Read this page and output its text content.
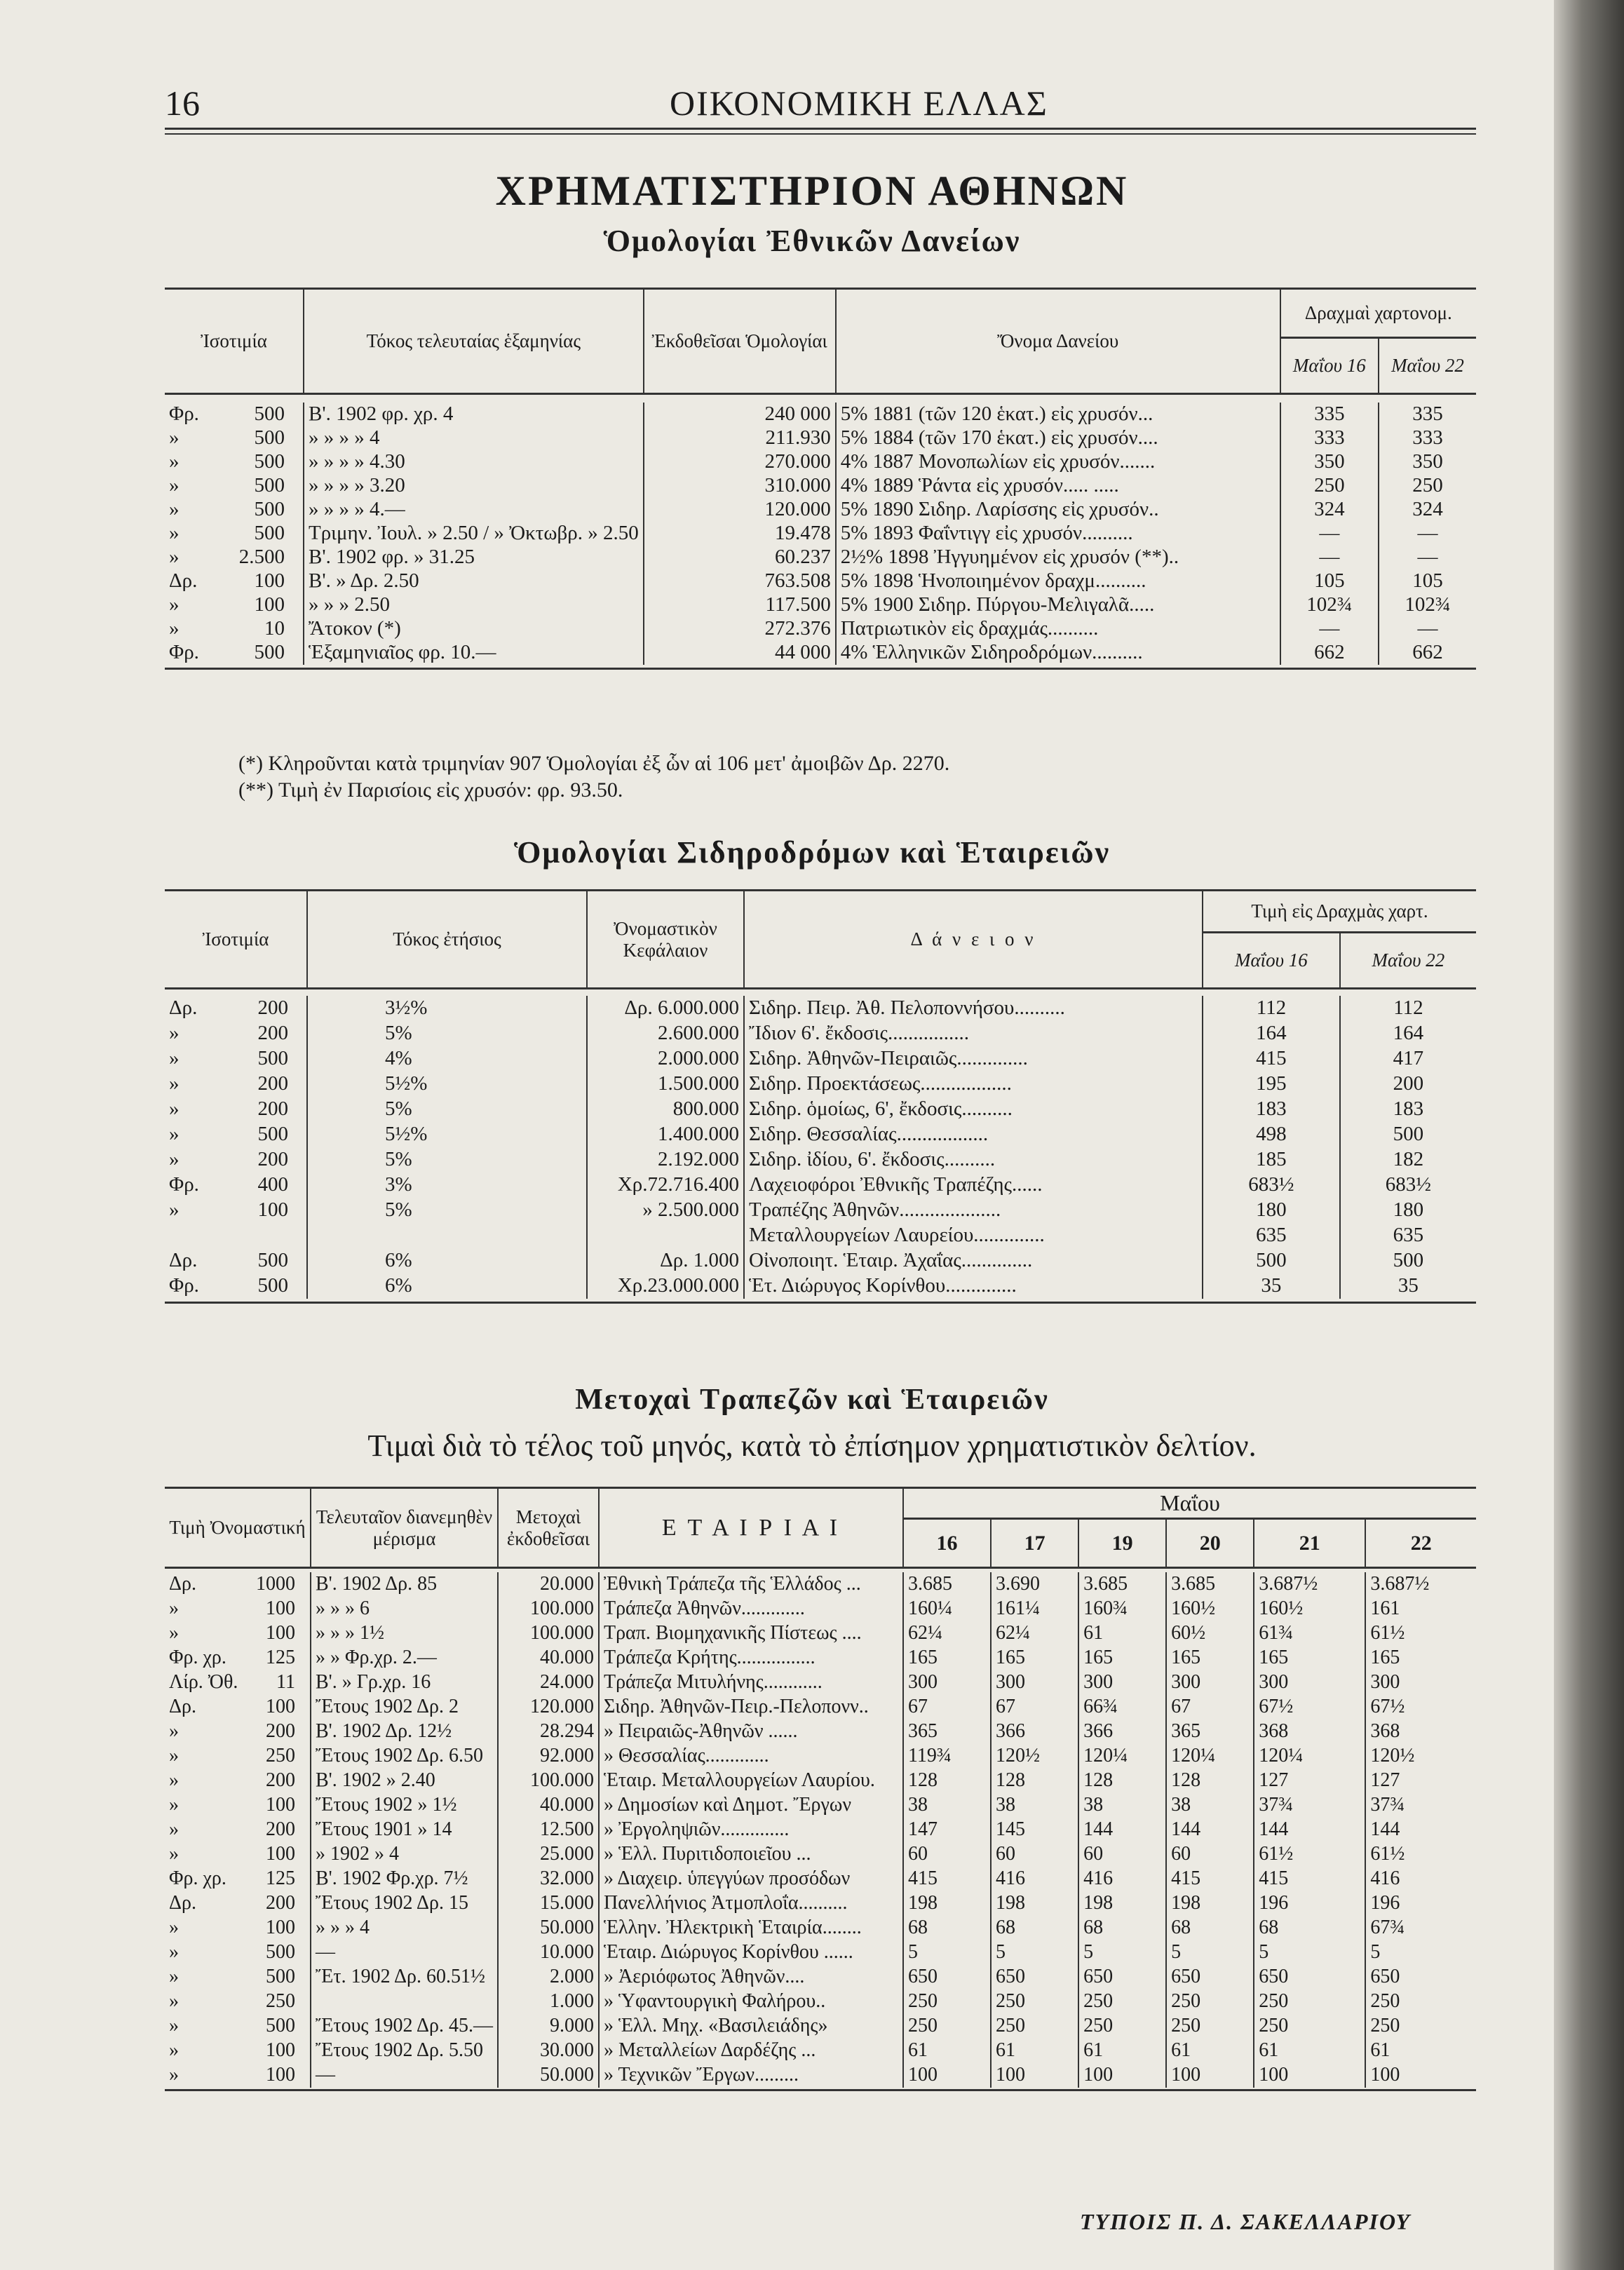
16	ΟΙΚΟΝΟΜΙΚΗ ΕΛΛΑΣ
ΧΡΗΜΑΤΙΣΤΗΡΙΟΝ ΑΘΗΝΩΝ
Ὁμολογίαι Ἐθνικῶν Δανείων
Ἰσοτιμία	Τόκος τελευταίας ἑξαμηνίας	Ἐκδοθεῖσαι Ὁμολογίαι	Ὄνομα Δανείου	Δραχμαὶ χαρτονομ.	
				Μαΐου 16	Μαΐου 22

Φρ. 500	Β'. 1902 φρ. χρ. 4	240 000	5% 1881 (τῶν 120 ἑκατ.) εἰς χρυσόν...	335	335
» 500	» » » » 4	211.930	5% 1884 (τῶν 170 ἑκατ.) εἰς χρυσόν....	333	333
» 500	» » » » 4.30	270.000	4% 1887 Μονοπωλίων εἰς χρυσόν.......	350	350
» 500	» » » » 3.20	310.000	4% 1889 Ῥάντα εἰς χρυσόν..... .....	250	250
» 500	» » » » 4.—	120.000	5% 1890 Σιδηρ. Λαρίσσης εἰς χρυσόν..	324	324
» 500	Τριμην. Ἰουλ. » 2.50 / » Ὀκτωβρ. » 2.50	19.478	5% 1893 Φαΐντιγγ εἰς χρυσόν..........	—	—
» 2.500	Β'. 1902 φρ. » 31.25	60.237	2½% 1898 Ἠγγυημένον εἰς χρυσόν (**)..	—	—
Δρ. 100	Β'. » Δρ. 2.50	763.508	5% 1898 Ἡνοποιημένον δραχμ..........	105	105
» 100	» » » 2.50	117.500	5% 1900 Σιδηρ. Πύργου-Μελιγαλᾶ.....	102¾	102¾
» 10	Ἄτοκον (*)	272.376	Πατριωτικὸν εἰς δραχμάς..........	—	—
Φρ. 500	Ἑξαμηνιαῖος φρ. 10.—	44 000	4% Ἑλληνικῶν Σιδηροδρόμων..........	662	662

(*) Κληροῦνται κατὰ τριμηνίαν 907 Ὁμολογίαι ἐξ ὧν αἱ 106 μετ' ἀμοιβῶν Δρ. 2270.
(**) Τιμὴ ἐν Παρισίοις εἰς χρυσόν: φρ. 93.50.
Ὁμολογίαι Σιδηροδρόμων καὶ Ἑταιρειῶν
Ἰσοτιμία	Τόκος ἐτήσιος	Ὀνομαστικὸν Κεφάλαιον	Δ ά ν ε ι ο ν	Τιμὴ εἰς Δραχμὰς χαρτ.	
				Μαΐου 16	Μαΐου 22

Δρ. 200	3½%	Δρ. 6.000.000	Σιδηρ. Πειρ. Ἀθ. Πελοποννήσου..........	112	112
» 200	5%	2.600.000	Ἴδιον 6'. ἔκδοσις................	164	164
» 500	4%	2.000.000	Σιδηρ. Ἀθηνῶν-Πειραιῶς..............	415	417
» 200	5½%	1.500.000	Σιδηρ. Προεκτάσεως..................	195	200
» 200	5%	800.000	Σιδηρ. ὁμοίως, 6', ἔκδοσις..........	183	183
» 500	5½%	1.400.000	Σιδηρ. Θεσσαλίας..................	498	500
» 200	5%	2.192.000	Σιδηρ. ἰδίου, 6'. ἔκδοσις..........	185	182
Φρ. 400	3%	Χρ.72.716.400	Λαχειοφόροι Ἐθνικῆς Τραπέζης......	683½	683½
» 100	5%	» 2.500.000	Τραπέζης Ἀθηνῶν....................	180	180
			Μεταλλουργείων Λαυρείου..............	635	635
Δρ. 500	6%	Δρ. 1.000	Οἰνοποιητ. Ἑταιρ. Ἀχαΐας..............	500	500
Φρ. 500	6%	Χρ.23.000.000	Ἑτ. Διώρυγος Κορίνθου..............	35	35

Μετοχαὶ Τραπεζῶν καὶ Ἑταιρειῶν
Τιμαὶ διὰ τὸ τέλος τοῦ μηνός, κατὰ τὸ ἐπίσημον χρηματιστικὸν δελτίον.
Τιμὴ Ὀνομαστική	Τελευταῖον διανεμηθὲν μέρισμα	Μετοχαὶ ἐκδοθεῖσαι	Ε Τ Α Ι Ρ Ι Α Ι	Μαΐου					
				16	17	19	20	21	22

Δρ. 1000	Β'. 1902 Δρ. 85	20.000	Ἐθνικὴ Τράπεζα τῆς Ἑλλάδος ...	3.685	3.690	3.685	3.685	3.687½	3.687½
» 100	» » » 6	100.000	Τράπεζα Ἀθηνῶν.............	160¼	161¼	160¾	160½	160½	161
» 100	» » » 1½	100.000	Τραπ. Βιομηχανικῆς Πίστεως ....	62¼	62¼	61	60½	61¾	61½
Φρ. χρ. 125	» » Φρ.χρ. 2.—	40.000	Τράπεζα Κρήτης................	165	165	165	165	165	165
Λίρ. Ὀθ. 11	Β'. » Γρ.χρ. 16	24.000	Τράπεζα Μιτυλήνης............	300	300	300	300	300	300
Δρ. 100	Ἔτους 1902 Δρ. 2	120.000	Σιδηρ. Ἀθηνῶν-Πειρ.-Πελοπονν..	67	67	66¾	67	67½	67½
» 200	Β'. 1902 Δρ. 12½	28.294	» Πειραιῶς-Ἀθηνῶν ......	365	366	366	365	368	368
» 250	Ἔτους 1902 Δρ. 6.50	92.000	» Θεσσαλίας.............	119¾	120½	120¼	120¼	120¼	120½
» 200	Β'. 1902 » 2.40	100.000	Ἑταιρ. Μεταλλουργείων Λαυρίου.	128	128	128	128	127	127
» 100	Ἔτους 1902 » 1½	40.000	» Δημοσίων καὶ Δημοτ. Ἔργων	38	38	38	38	37¾	37¾
» 200	Ἔτους 1901 » 14	12.500	» Ἐργοληψιῶν..............	147	145	144	144	144	144
» 100	» 1902 » 4	25.000	» Ἑλλ. Πυριτιδοποιεῖου ...	60	60	60	60	61½	61½
Φρ. χρ. 125	Β'. 1902 Φρ.χρ. 7½	32.000	» Διαχειρ. ὑπεγγύων προσόδων	415	416	416	415	415	416
Δρ. 200	Ἔτους 1902 Δρ. 15	15.000	Πανελλήνιος Ἀτμοπλοΐα..........	198	198	198	198	196	196
» 100	» » » 4	50.000	Ἑλλην. Ἠλεκτρικὴ Ἑταιρία........	68	68	68	68	68	67¾
» 500	—	10.000	Ἑταιρ. Διώρυγος Κορίνθου ......	5	5	5	5	5	5
» 500	Ἔτ. 1902 Δρ. 60.51½	2.000	» Ἀεριόφωτος Ἀθηνῶν....	650	650	650	650	650	650
» 250		1.000	» Ὑφαντουργικὴ Φαλήρου..	250	250	250	250	250	250
» 500	Ἔτους 1902 Δρ. 45.—	9.000	» Ἑλλ. Μηχ. «Βασιλειάδης»	250	250	250	250	250	250
» 100	Ἔτους 1902 Δρ. 5.50	30.000	» Μεταλλείων Δαρδέζης ...	61	61	61	61	61	61
» 100	—	50.000	» Τεχνικῶν Ἔργων.........	100	100	100	100	100	100

ΤΥΠΟΙΣ Π. Δ. ΣΑΚΕΛΛΑΡΙΟΥ
